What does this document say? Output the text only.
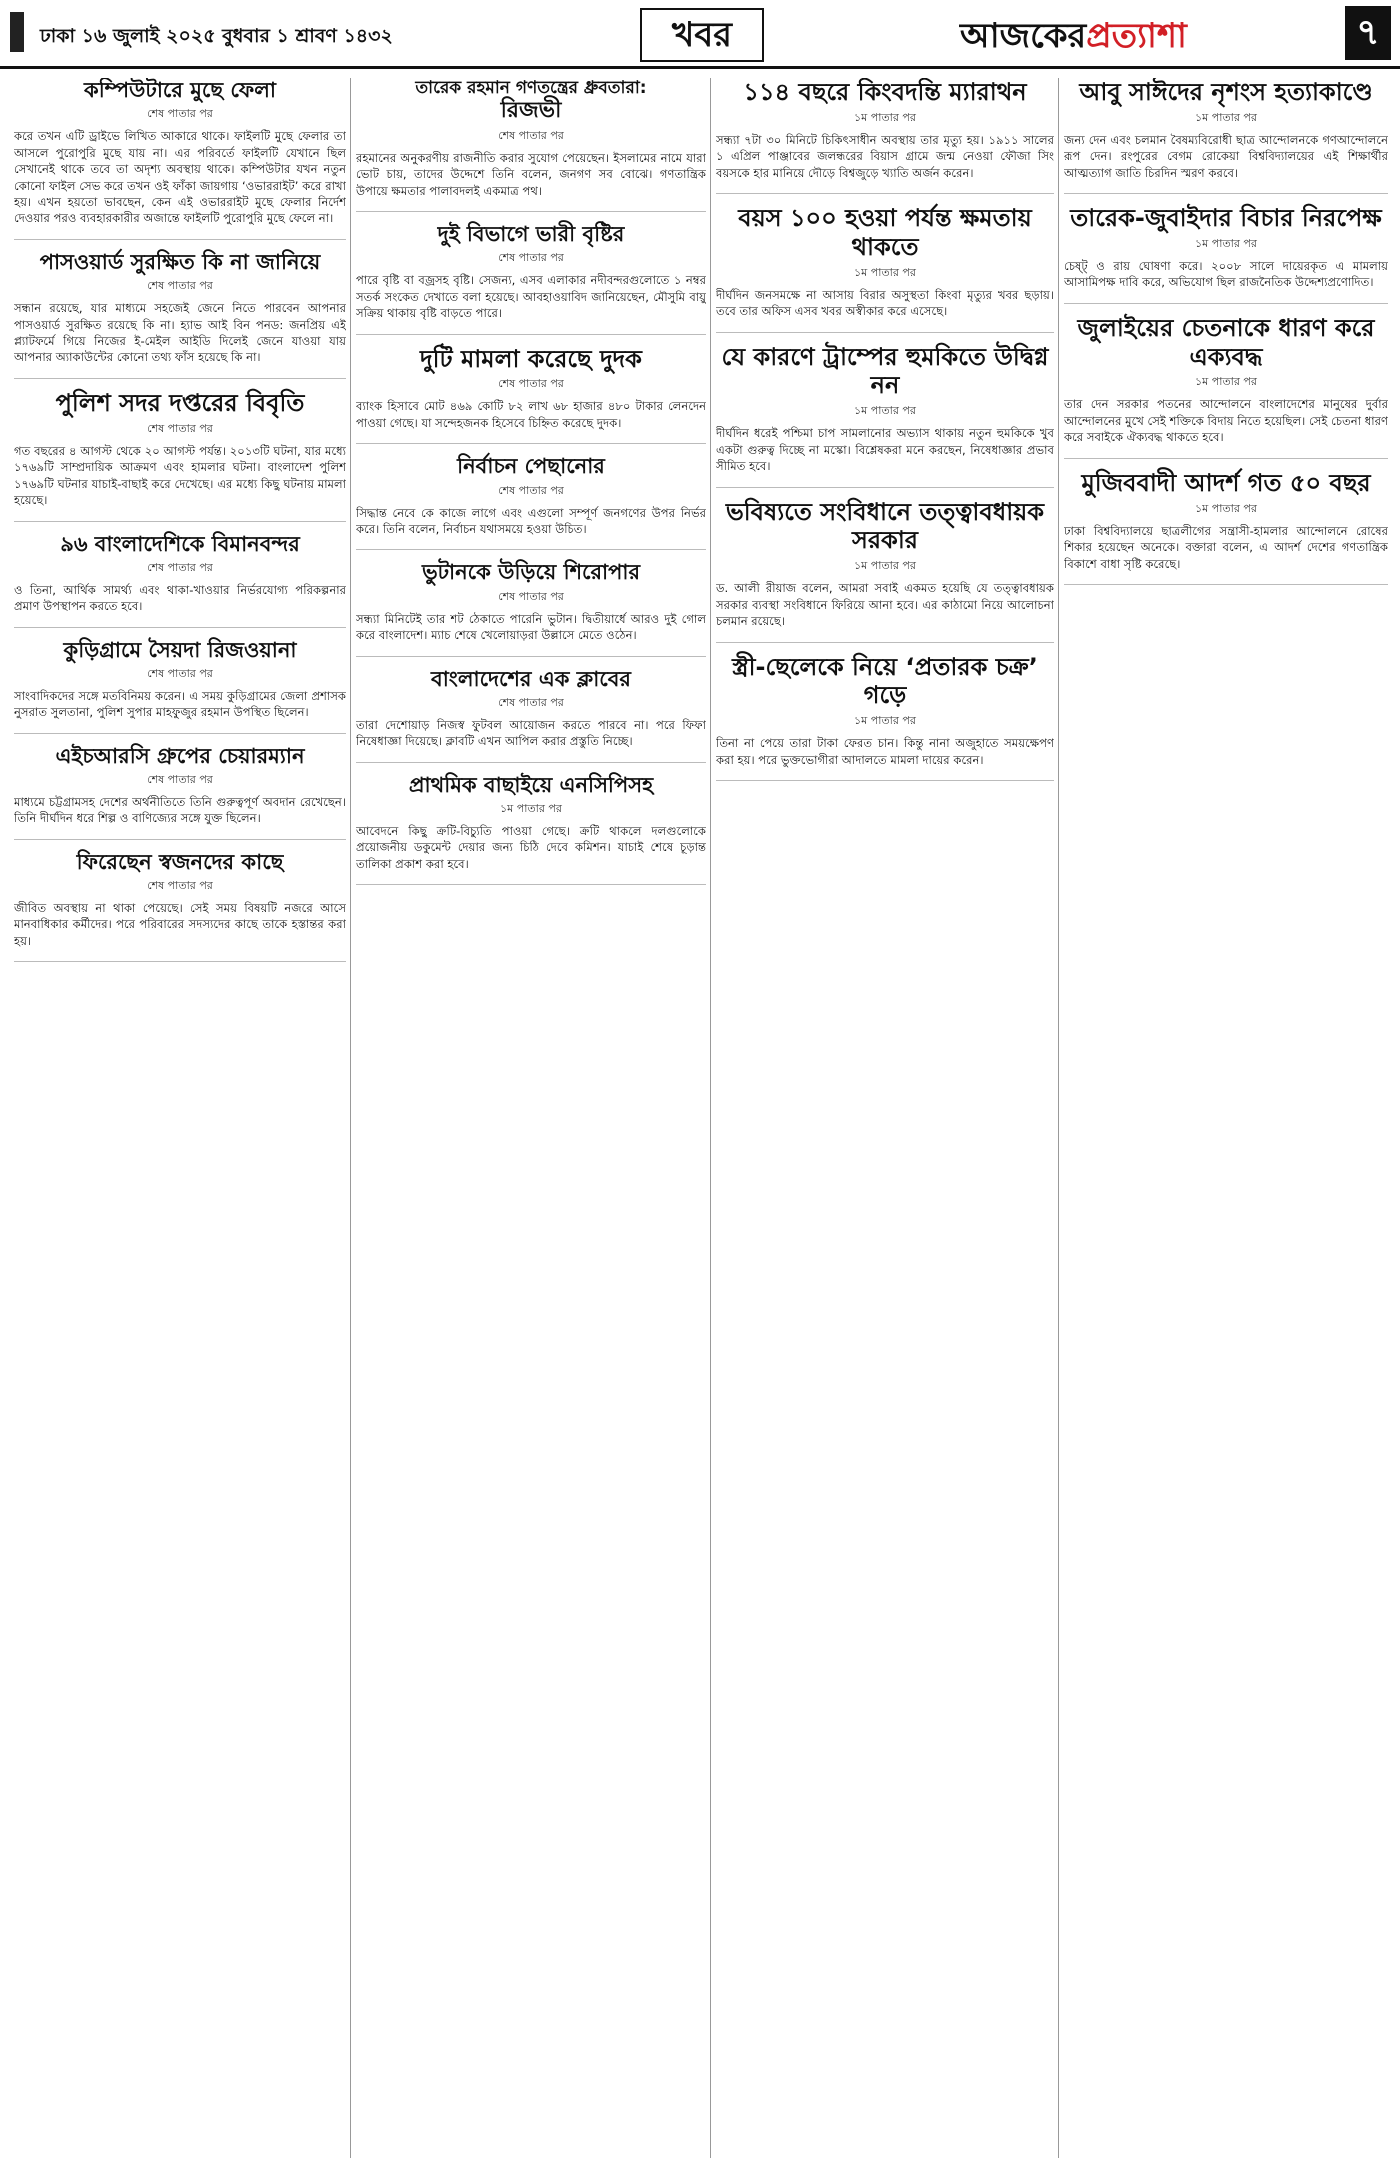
ঢাকা ১৬ জুলাই ২০২৫ বুধবার ১ শ্রাবণ ১৪৩২	খবর	আজকেরপ্রত্যাশা	৭
কম্পিউটারে মুছে ফেলা
শেষ পাতার পর

করে তখন এটি ড্রাইভে লিখিত আকারে থাকে। ফাইলটি মুছে ফেলার তা আসলে পুরোপুরি মুছে যায় না। এর পরিবর্তে ফাইলটি যেখানে ছিল সেখানেই থাকে তবে তা অদৃশ্য অবস্থায় থাকে। কম্পিউটার যখন নতুন কোনো ফাইল সেভ করে তখন ওই ফাঁকা জায়গায় ‘ওভাররাইট’ করে রাখা হয়। এখন হয়তো ভাবছেন, কেন এই ওভাররাইট মুছে ফেলার নির্দেশ দেওয়ার পরও ব্যবহারকারীর অজান্তে ফাইলটি পুরোপুরি মুছে ফেলে না।

পাসওয়ার্ড সুরক্ষিত কি না জানিয়ে
শেষ পাতার পর

সন্ধান রয়েছে, যার মাধ্যমে সহজেই জেনে নিতে পারবেন আপনার পাসওয়ার্ড সুরক্ষিত রয়েছে কি না। হ্যাভ আই বিন পনড: জনপ্রিয় এই প্ল্যাটফর্মে গিয়ে নিজের ই-মেইল আইডি দিলেই জেনে যাওয়া যায় আপনার অ্যাকাউন্টের কোনো তথ্য ফাঁস হয়েছে কি না।

পুলিশ সদর দপ্তরের বিবৃতি
শেষ পাতার পর

গত বছরের ৪ আগস্ট থেকে ২০ আগস্ট পর্যন্ত। ২০১৩টি ঘটনা, যার মধ্যে ১৭৬৯টি সাম্প্রদায়িক আক্রমণ এবং হামলার ঘটনা। বাংলাদেশ পুলিশ ১৭৬৯টি ঘটনার যাচাই-বাছাই করে দেখেছে। এর মধ্যে কিছু ঘটনায় মামলা হয়েছে।

৯৬ বাংলাদেশিকে বিমানবন্দর
শেষ পাতার পর

ও তিনা, আর্থিক সামর্থ্য এবং থাকা-খাওয়ার নির্ভরযোগ্য পরিকল্পনার প্রমাণ উপস্থাপন করতে হবে।

কুড়িগ্রামে সৈয়দা রিজওয়ানা
শেষ পাতার পর

সাংবাদিকদের সঙ্গে মতবিনিময় করেন। এ সময় কুড়িগ্রামের জেলা প্রশাসক নুসরাত সুলতানা, পুলিশ সুপার মাহফুজুর রহমান উপস্থিত ছিলেন।

এইচআরসি গ্রুপের চেয়ারম্যান
শেষ পাতার পর

মাধ্যমে চট্টগ্রামসহ দেশের অর্থনীতিতে তিনি গুরুত্বপূর্ণ অবদান রেখেছেন। তিনি দীর্ঘদিন ধরে শিল্প ও বাণিজ্যের সঙ্গে যুক্ত ছিলেন।

ফিরেছেন স্বজনদের কাছে
শেষ পাতার পর

জীবিত অবস্থায় না থাকা পেয়েছে। সেই সময় বিষয়টি নজরে আসে মানবাধিকার কর্মীদের। পরে পরিবারের সদস্যদের কাছে তাকে হস্তান্তর করা হয়।

তারেক রহমান গণতন্ত্রের ধ্রুবতারা:
রিজভী
শেষ পাতার পর

রহমানের অনুকরণীয় রাজনীতি করার সুযোগ পেয়েছেন। ইসলামের নামে যারা ভোট চায়, তাদের উদ্দেশে তিনি বলেন, জনগণ সব বোঝে। গণতান্ত্রিক উপায়ে ক্ষমতার পালাবদলই একমাত্র পথ।

দুই বিভাগে ভারী বৃষ্টির
শেষ পাতার পর

পারে বৃষ্টি বা বজ্রসহ বৃষ্টি। সেজন্য, এসব এলাকার নদীবন্দরগুলোতে ১ নম্বর সতর্ক সংকেত দেখাতে বলা হয়েছে। আবহাওয়াবিদ জানিয়েছেন, মৌসুমি বায়ু সক্রিয় থাকায় বৃষ্টি বাড়তে পারে।

দুটি মামলা করেছে দুদক
শেষ পাতার পর

ব্যাংক হিসাবে মোট ৪৬৯ কোটি ৮২ লাখ ৬৮ হাজার ৪৮০ টাকার লেনদেন পাওয়া গেছে। যা সন্দেহজনক হিসেবে চিহ্নিত করেছে দুদক।

নির্বাচন পেছানোর
শেষ পাতার পর

সিদ্ধান্ত নেবে কে কাজে লাগে এবং এগুলো সম্পূর্ণ জনগণের উপর নির্ভর করে। তিনি বলেন, নির্বাচন যথাসময়ে হওয়া উচিত।

ভুটানকে উড়িয়ে শিরোপার
শেষ পাতার পর

সন্ধ্যা মিনিটেই তার শট ঠেকাতে পারেনি ভুটান। দ্বিতীয়ার্ধে আরও দুই গোল করে বাংলাদেশ। ম্যাচ শেষে খেলোয়াড়রা উল্লাসে মেতে ওঠেন।

বাংলাদেশের এক ক্লাবের
শেষ পাতার পর

তারা দেশোয়াড় নিজস্ব ফুটবল আয়োজন করতে পারবে না। পরে ফিফা নিষেধাজ্ঞা দিয়েছে। ক্লাবটি এখন আপিল করার প্রস্তুতি নিচ্ছে।

প্রাথমিক বাছাইয়ে এনসিপিসহ
১ম পাতার পর

আবেদনে কিছু ক্রটি-বিচ্যুতি পাওয়া গেছে। ক্রটি থাকলে দলগুলোকে প্রয়োজনীয় ডকুমেন্ট দেয়ার জন্য চিঠি দেবে কমিশন। যাচাই শেষে চূড়ান্ত তালিকা প্রকাশ করা হবে।

১১৪ বছরে কিংবদন্তি ম্যারাথন
১ম পাতার পর

সন্ধ্যা ৭টা ৩০ মিনিটে চিকিৎসাধীন অবস্থায় তার মৃত্যু হয়। ১৯১১ সালের ১ এপ্রিল পাঞ্জাবের জলন্ধরের বিয়াস গ্রামে জন্ম নেওয়া ফৌজা সিং বয়সকে হার মানিয়ে দৌড়ে বিশ্বজুড়ে খ্যাতি অর্জন করেন।

বয়স ১০০ হওয়া পর্যন্ত ক্ষমতায় থাকতে
১ম পাতার পর

দীর্ঘদিন জনসমক্ষে না আসায় বিরার অসুস্থতা কিংবা মৃত্যুর খবর ছড়ায়। তবে তার অফিস এসব খবর অস্বীকার করে এসেছে।

যে কারণে ট্রাম্পের হুমকিতে উদ্বিগ্ন নন
১ম পাতার পর

দীর্ঘদিন ধরেই পশ্চিমা চাপ সামলানোর অভ্যাস থাকায় নতুন হুমকিকে খুব একটা গুরুত্ব দিচ্ছে না মস্কো। বিশ্লেষকরা মনে করছেন, নিষেধাজ্ঞার প্রভাব সীমিত হবে।

ভবিষ্যতে সংবিধানে তত্ত্বাবধায়ক সরকার
১ম পাতার পর

ড. আলী রীয়াজ বলেন, আমরা সবাই একমত হয়েছি যে তত্ত্বাবধায়ক সরকার ব্যবস্থা সংবিধানে ফিরিয়ে আনা হবে। এর কাঠামো নিয়ে আলোচনা চলমান রয়েছে।

স্ত্রী-ছেলেকে নিয়ে ‘প্রতারক চক্র’ গড়ে
১ম পাতার পর

তিনা না পেয়ে তারা টাকা ফেরত চান। কিন্তু নানা অজুহাতে সময়ক্ষেপণ করা হয়। পরে ভুক্তভোগীরা আদালতে মামলা দায়ের করেন।

আবু সাঈদের নৃশংস হত্যাকাণ্ডে
১ম পাতার পর

জন্য দেন এবং চলমান বৈষম্যবিরোধী ছাত্র আন্দোলনকে গণআন্দোলনে রূপ দেন। রংপুরের বেগম রোকেয়া বিশ্ববিদ্যালয়ের এই শিক্ষার্থীর আত্মত্যাগ জাতি চিরদিন স্মরণ করবে।

তারেক-জুবাইদার বিচার নিরপেক্ষ
১ম পাতার পর

চেষ্ট্ ও রায় ঘোষণা করে। ২০০৮ সালে দায়েরকৃত এ মামলায় আসামিপক্ষ দাবি করে, অভিযোগ ছিল রাজনৈতিক উদ্দেশ্যপ্রণোদিত।

জুলাইয়ের চেতনাকে ধারণ করে এক্যবদ্ধ
১ম পাতার পর

তার দেন সরকার পতনের আন্দোলনে বাংলাদেশের মানুষের দুর্বার আন্দোলনের মুখে সেই শক্তিকে বিদায় নিতে হয়েছিল। সেই চেতনা ধারণ করে সবাইকে ঐক্যবদ্ধ থাকতে হবে।

মুজিববাদী আদর্শ গত ৫০ বছর
১ম পাতার পর

ঢাকা বিশ্ববিদ্যালয়ে ছাত্রলীগের সন্ত্রাসী-হামলার আন্দোলনে রোষের শিকার হয়েছেন অনেকে। বক্তারা বলেন, এ আদর্শ দেশের গণতান্ত্রিক বিকাশে বাধা সৃষ্টি করেছে।
